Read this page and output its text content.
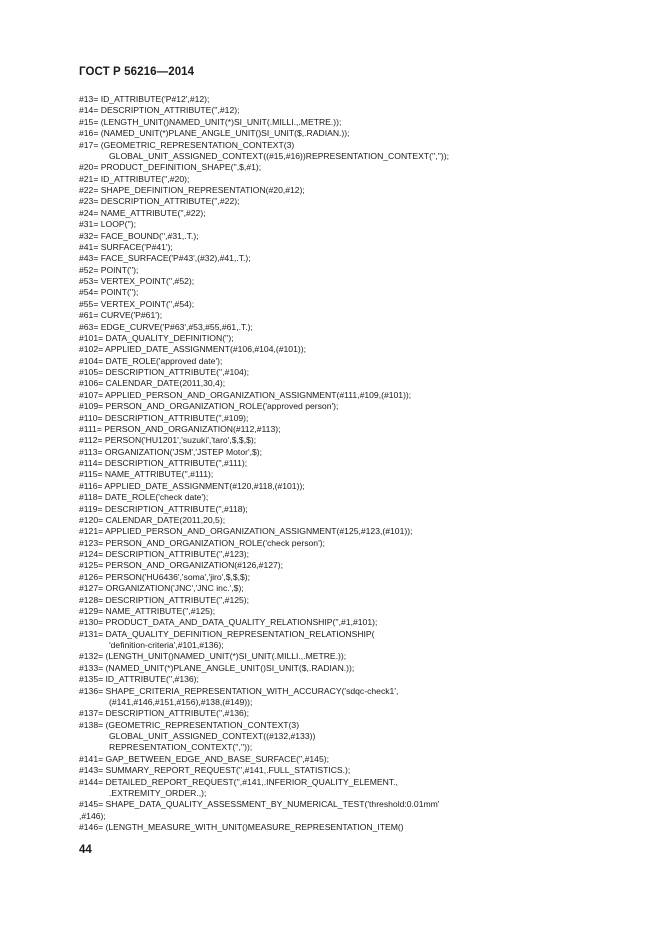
ГОСТ Р 56216—2014
#13= ID_ATTRIBUTE('P#12',#12);
#14= DESCRIPTION_ATTRIBUTE('',#12);
#15= (LENGTH_UNIT()NAMED_UNIT(*)SI_UNIT(.MILLI.,.METRE.));
#16= (NAMED_UNIT(*)PLANE_ANGLE_UNIT()SI_UNIT($,.RADIAN.));
#17= (GEOMETRIC_REPRESENTATION_CONTEXT(3)
GLOBAL_UNIT_ASSIGNED_CONTEXT((#15,#16))REPRESENTATION_CONTEXT('',''));
#20= PRODUCT_DEFINITION_SHAPE('',$,#1);
#21= ID_ATTRIBUTE('',#20);
#22= SHAPE_DEFINITION_REPRESENTATION(#20,#12);
#23= DESCRIPTION_ATTRIBUTE('',#22);
#24= NAME_ATTRIBUTE('',#22);
#31= LOOP('');
#32= FACE_BOUND('',#31,.T.);
#41= SURFACE('P#41');
#43= FACE_SURFACE('P#43',(#32),#41,.T.);
#52= POINT('');
#53= VERTEX_POINT('',#52);
#54= POINT('');
#55= VERTEX_POINT('',#54);
#61= CURVE('P#61');
#63= EDGE_CURVE('P#63',#53,#55,#61,.T.);
#101= DATA_QUALITY_DEFINITION('');
#102= APPLIED_DATE_ASSIGNMENT(#106,#104,(#101));
#104= DATE_ROLE('approved date');
#105= DESCRIPTION_ATTRIBUTE('',#104);
#106= CALENDAR_DATE(2011,30,4);
#107= APPLIED_PERSON_AND_ORGANIZATION_ASSIGNMENT(#111,#109,(#101));
#109= PERSON_AND_ORGANIZATION_ROLE('approved person');
#110= DESCRIPTION_ATTRIBUTE('',#109);
#111= PERSON_AND_ORGANIZATION(#112,#113);
#112= PERSON('HU1201','suzuki','taro',$,$,$);
#113= ORGANIZATION('JSM','JSTEP Motor',$);
#114= DESCRIPTION_ATTRIBUTE('',#111);
#115= NAME_ATTRIBUTE('',#111);
#116= APPLIED_DATE_ASSIGNMENT(#120,#118,(#101));
#118= DATE_ROLE('check date');
#119= DESCRIPTION_ATTRIBUTE('',#118);
#120= CALENDAR_DATE(2011,20,5);
#121= APPLIED_PERSON_AND_ORGANIZATION_ASSIGNMENT(#125,#123,(#101));
#123= PERSON_AND_ORGANIZATION_ROLE('check person');
#124= DESCRIPTION_ATTRIBUTE('',#123);
#125= PERSON_AND_ORGANIZATION(#126,#127);
#126= PERSON('HU6436','soma','jiro',$,$,$);
#127= ORGANIZATION('JNC','JNC inc.',$);
#128= DESCRIPTION_ATTRIBUTE('',#125);
#129= NAME_ATTRIBUTE('',#125);
#130= PRODUCT_DATA_AND_DATA_QUALITY_RELATIONSHIP('',#1,#101);
#131= DATA_QUALITY_DEFINITION_REPRESENTATION_RELATIONSHIP(
'definition-criteria',#101,#136);
#132= (LENGTH_UNIT()NAMED_UNIT(*)SI_UNIT(.MILLI.,.METRE.));
#133= (NAMED_UNIT(*)PLANE_ANGLE_UNIT()SI_UNIT($,.RADIAN.));
#135= ID_ATTRIBUTE('',#136);
#136= SHAPE_CRITERIA_REPRESENTATION_WITH_ACCURACY('sdqc-check1',
(#141,#146,#151,#156),#138,(#149));
#137= DESCRIPTION_ATTRIBUTE('',#136);
#138= (GEOMETRIC_REPRESENTATION_CONTEXT(3)
GLOBAL_UNIT_ASSIGNED_CONTEXT((#132,#133))
REPRESENTATION_CONTEXT('',''));
#141= GAP_BETWEEN_EDGE_AND_BASE_SURFACE('',#145);
#143= SUMMARY_REPORT_REQUEST('',#141,.FULL_STATISTICS.);
#144= DETAILED_REPORT_REQUEST('',#141,.INFERIOR_QUALITY_ELEMENT.,
.EXTREMITY_ORDER.,);
#145= SHAPE_DATA_QUALITY_ASSESSMENT_BY_NUMERICAL_TEST('threshold:0.01mm'
,#146);
#146= (LENGTH_MEASURE_WITH_UNIT()MEASURE_REPRESENTATION_ITEM()
44
